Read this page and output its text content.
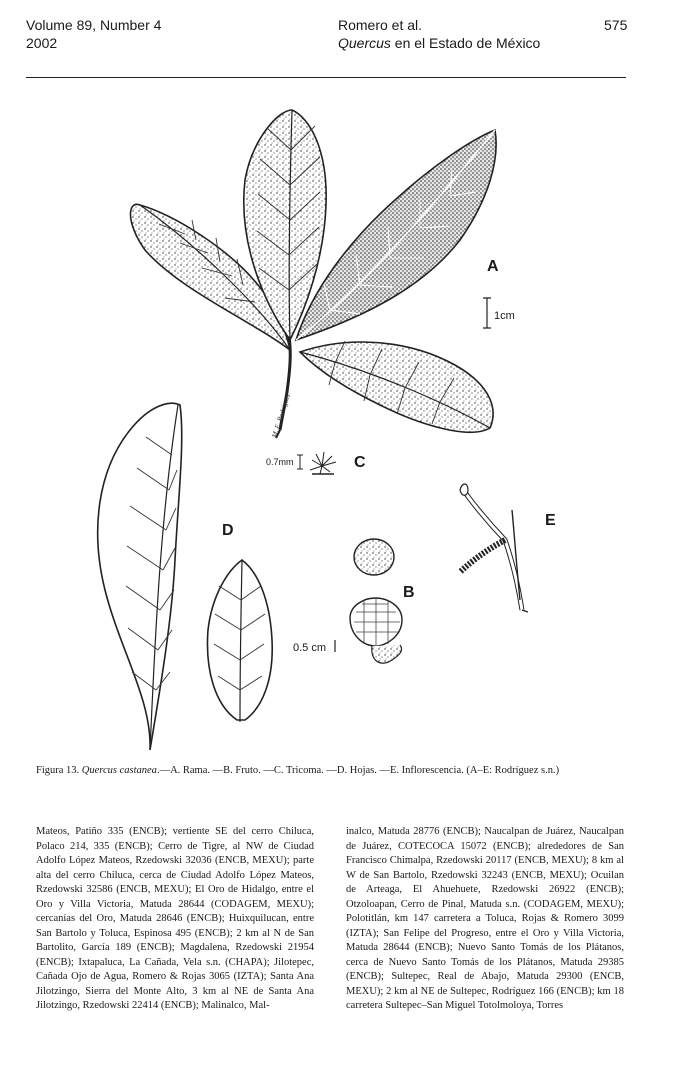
Volume 89, Number 4
2002
Romero et al.
Quercus en el Estado de México
575
M. E. Rodríguez
A
1cm
0.7mm	C
D
E
B
0.5 cm
Figura 13. Quercus castanea.—A. Rama. —B. Fruto. —C. Tricoma. —D. Hojas. —E. Inflorescencia. (A–E: Rodríguez s.n.)

Mateos, Patiño 335 (ENCB); vertiente SE del cerro Chiluca, Polaco 214, 335 (ENCB); Cerro de Tigre, al NW de Ciudad Adolfo López Mateos, Rzedowski 32036 (ENCB, MEXU); parte alta del cerro Chiluca, cerca de Ciudad Adolfo López Mateos, Rzedowski 32586 (ENCB, MEXU); El Oro de Hidalgo, entre el Oro y Villa Victoria, Matuda 28644 (CODAGEM, MEXU); cercanías del Oro, Matuda 28646 (ENCB); Huixquilucan, entre San Bartolo y Toluca, Espinosa 495 (ENCB); 2 km al N de San Bartolito, García 189 (ENCB); Magdalena, Rzedowski 21954 (ENCB); Ixtapaluca, La Cañada, Vela s.n. (CHAPA); Jilotepec, Cañada Ojo de Agua, Romero & Rojas 3065 (IZTA); Santa Ana Jilotzingo, Sierra del Monte Alto, 3 km al NE de Santa Ana Jilotzingo, Rzedowski 22414 (ENCB); Malinalco, Mal-

inalco, Matuda 28776 (ENCB); Naucalpan de Juárez, Naucalpan de Juárez, COTECOCA 15072 (ENCB); alrededores de San Francisco Chimalpa, Rzedowski 20117 (ENCB, MEXU); 8 km al W de San Bartolo, Rzedowski 32243 (ENCB, MEXU); Ocuilan de Arteaga, El Ahuehuete, Rzedowski 26922 (ENCB); Otzoloapan, Cerro de Pinal, Matuda s.n. (CODAGEM, MEXU); Polotitlán, km 147 carretera a Toluca, Rojas & Romero 3099 (IZTA); San Felipe del Progreso, entre el Oro y Villa Victoria, Matuda 28644 (ENCB); Nuevo Santo Tomás de los Plátanos, cerca de Nuevo Santo Tomás de los Plátanos, Matuda 29385 (ENCB); Sultepec, Real de Abajo, Matuda 29300 (ENCB, MEXU); 2 km al NE de Sultepec, Rodríguez 166 (ENCB); km 18 carretera Sultepec–San Miguel Totolmoloya, Torres
